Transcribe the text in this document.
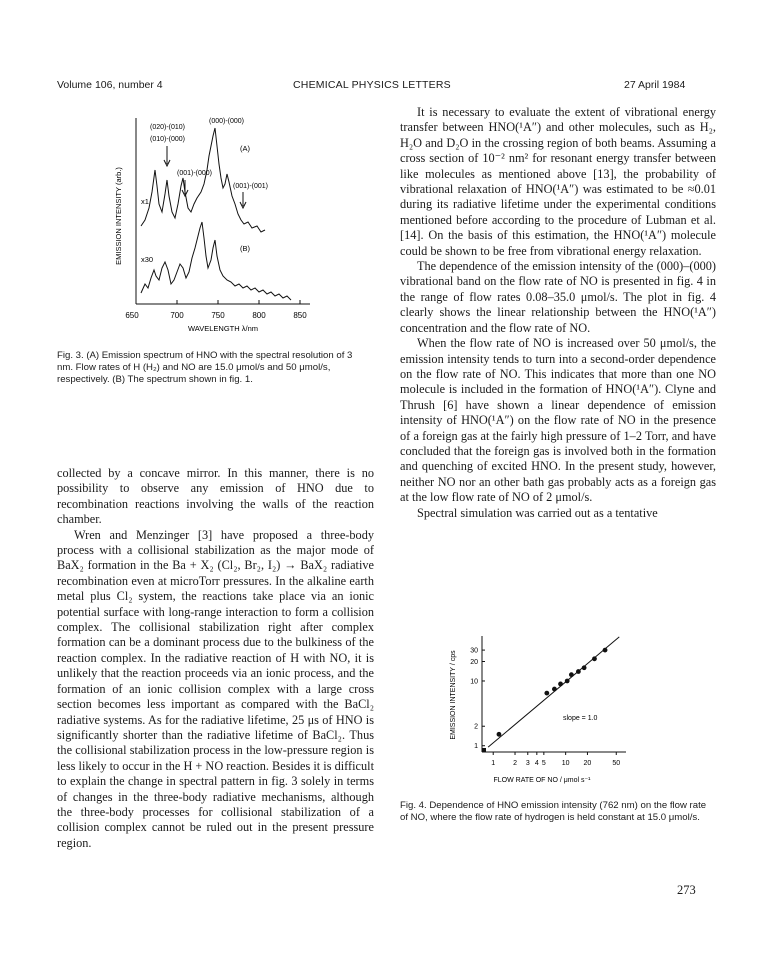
Volume 106, number 4	CHEMICAL PHYSICS LETTERS	27 April 1984
650	700	750	800	850
WAVELENGTH λ/nm
EMISSION INTENSITY (arb.)
(000)-(000)
(020)-(010)
(010)-(000)
(A)
(001)-(000)
(001)-(001)
x1
(B)
x30
Fig. 3. (A) Emission spectrum of HNO with the spectral resolution of 3 nm. Flow rates of H (H₂) and NO are 15.0 μmol/s and 50 μmol/s, respectively. (B) The spectrum shown in fig. 1.

collected by a concave mirror. In this manner, there is no possibility to observe any emission of HNO due to recombination reactions involving the walls of the reaction chamber.

Wren and Menzinger [3] have proposed a three-body process with a collisional stabilization as the major mode of BaX₂ formation in the Ba + X₂ (Cl₂, Br₂, I₂) → BaX₂ radiative recombination even at microTorr pressures. In the alkaline earth metal plus Cl₂ system, the reactions take place via an ionic potential surface with long-range interaction to form a collision complex. The collisional stabilization right after complex formation can be a dominant process due to the bulkiness of the reaction complex. In the radiative reaction of H with NO, it is unlikely that the reaction proceeds via an ionic process, and the formation of an ionic collision complex with a large cross section becomes less important as compared with the BaCl₂ radiative systems. As for the radiative lifetime, 25 μs of HNO is significantly shorter than the radiative lifetime of BaCl₂. Thus the collisional stabilization process in the low-pressure region is less likely to occur in the H + NO reaction. Besides it is difficult to explain the change in spectral pattern in fig. 3 solely in terms of changes in the three-body radiative mechanisms, although the three-body processes for collisional stabilization of a collision complex cannot be ruled out in the present pressure region.

It is necessary to evaluate the extent of vibrational energy transfer between HNO(¹A″) and other molecules, such as H₂, H₂O and D₂O in the crossing region of both beams. Assuming a cross section of 10⁻² nm² for resonant energy transfer between like molecules as mentioned above [13], the probability of vibrational relaxation of HNO(¹A″) was estimated to be ≈0.01 during its radiative lifetime under the experimental conditions mentioned before according to the procedure of Lubman et al. [14]. On the basis of this estimation, the HNO(¹A″) molecule could be shown to be free from vibrational energy relaxation.

The dependence of the emission intensity of the (000)–(000) vibrational band on the flow rate of NO is presented in fig. 4 in the range of flow rates 0.08–35.0 μmol/s. The plot in fig. 4 clearly shows the linear relationship between the HNO(¹A″) concentration and the flow rate of NO.

When the flow rate of NO is increased over 50 μmol/s, the emission intensity tends to turn into a second-order dependence on the flow rate of NO. This indicates that more than one NO molecule is included in the formation of HNO(¹A″). Clyne and Thrush [6] have shown a linear dependence of emission intensity of HNO(¹A″) on the flow rate of NO in the presence of a foreign gas at the fairly high pressure of 1–2 Torr, and have concluded that the foreign gas is involved both in the formation and quenching of excited HNO. In the present study, however, neither NO nor an other bath gas probably acts as a foreign gas at the low flow rate of NO of 2 μmol/s.

Spectral simulation was carried out as a tentative

1	2 3 4 5 10 20	50
1
2
10
20
30
slope = 1.0
FLOW RATE OF NO / μmol s⁻¹
EMISSION INTENSITY / cps
Fig. 4. Dependence of HNO emission intensity (762 nm) on the flow rate of NO, where the flow rate of hydrogen is held constant at 15.0 μmol/s.
273
